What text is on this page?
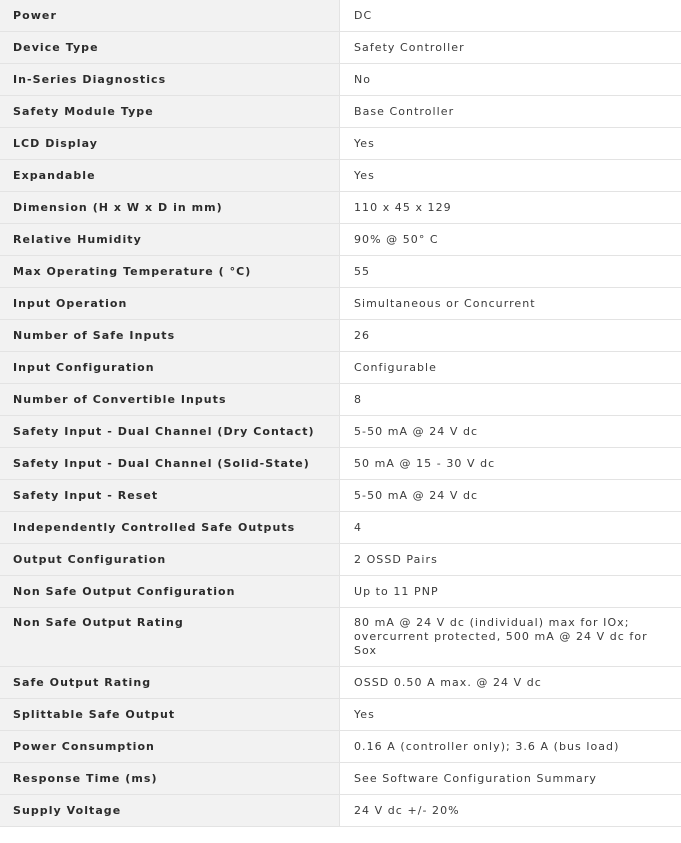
Power	DC
Device Type	Safety Controller
In-Series Diagnostics	No
Safety Module Type	Base Controller
LCD Display	Yes
Expandable	Yes
Dimension (H x W x D in mm)	110 x 45 x 129
Relative Humidity	90% @ 50° C
Max Operating Temperature ( °C)	55
Input Operation	Simultaneous or Concurrent
Number of Safe Inputs	26
Input Configuration	Configurable
Number of Convertible Inputs	8
Safety Input - Dual Channel (Dry Contact)	5-50 mA @ 24 V dc
Safety Input - Dual Channel (Solid-State)	50 mA @ 15 - 30 V dc
Safety Input - Reset	5-50 mA @ 24 V dc
Independently Controlled Safe Outputs	4
Output Configuration	2 OSSD Pairs
Non Safe Output Configuration	Up to 11 PNP
Non Safe Output Rating	80 mA @ 24 V dc (individual) max for IOx; overcurrent protected, 500 mA @ 24 V dc for Sox
Safe Output Rating	OSSD 0.50 A max. @ 24 V dc
Splittable Safe Output	Yes
Power Consumption	0.16 A (controller only); 3.6 A (bus load)
Response Time (ms)	See Software Configuration Summary
Supply Voltage	24 V dc +/- 20%
